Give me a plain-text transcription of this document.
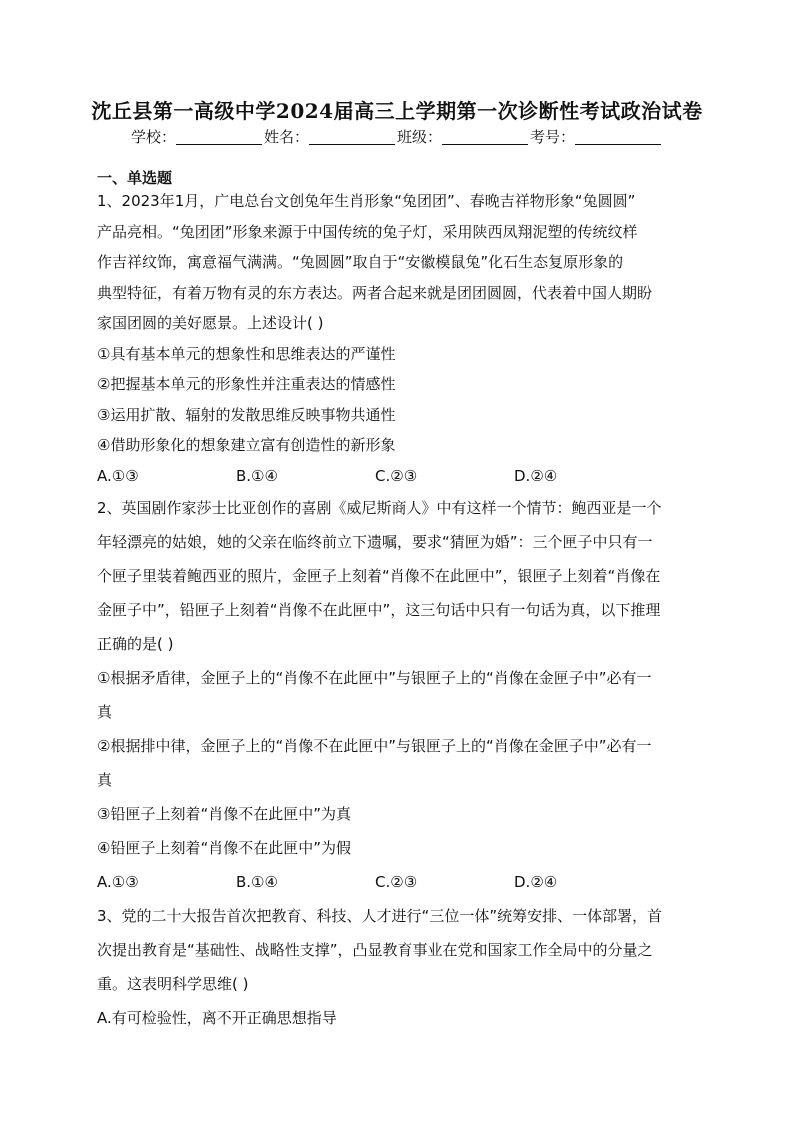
沈丘县第一高级中学2024届高三上学期第一次诊断性考试政治试卷
学校：	姓名：	班级：	考号：
一、单选题
1、2023年1月，广电总台文创兔年生肖形象“兔团团”、春晚吉祥物形象“兔圆圆”
产品亮相。“兔团团”形象来源于中国传统的兔子灯，采用陕西凤翔泥塑的传统纹样
作吉祥纹饰，寓意福气满满。“兔圆圆”取自于“安徽模鼠兔”化石生态复原形象的
典型特征，有着万物有灵的东方表达。两者合起来就是团团圆圆，代表着中国人期盼
家国团圆的美好愿景。上述设计( )
①具有基本单元的想象性和思维表达的严谨性
②把握基本单元的形象性并注重表达的情感性
③运用扩散、辐射的发散思维反映事物共通性
④借助形象化的想象建立富有创造性的新形象
A.①③	B.①④	C.②③	D.②④
2、英国剧作家莎士比亚创作的喜剧《威尼斯商人》中有这样一个情节：鲍西亚是一个
年轻漂亮的姑娘，她的父亲在临终前立下遗嘱，要求“猜匣为婚”：三个匣子中只有一
个匣子里装着鲍西亚的照片，金匣子上刻着“肖像不在此匣中”，银匣子上刻着“肖像在
金匣子中”，铅匣子上刻着“肖像不在此匣中”，这三句话中只有一句话为真，以下推理
正确的是( )
①根据矛盾律，金匣子上的“肖像不在此匣中”与银匣子上的“肖像在金匣子中”必有一
真
②根据排中律，金匣子上的“肖像不在此匣中”与银匣子上的“肖像在金匣子中”必有一
真
③铅匣子上刻着“肖像不在此匣中”为真
④铅匣子上刻着“肖像不在此匣中”为假
A.①③	B.①④	C.②③	D.②④
3、党的二十大报告首次把教育、科技、人才进行“三位一体”统筹安排、一体部署，首
次提出教育是“基础性、战略性支撑”，凸显教育事业在党和国家工作全局中的分量之
重。这表明科学思维( )
A.有可检验性，离不开正确思想指导
